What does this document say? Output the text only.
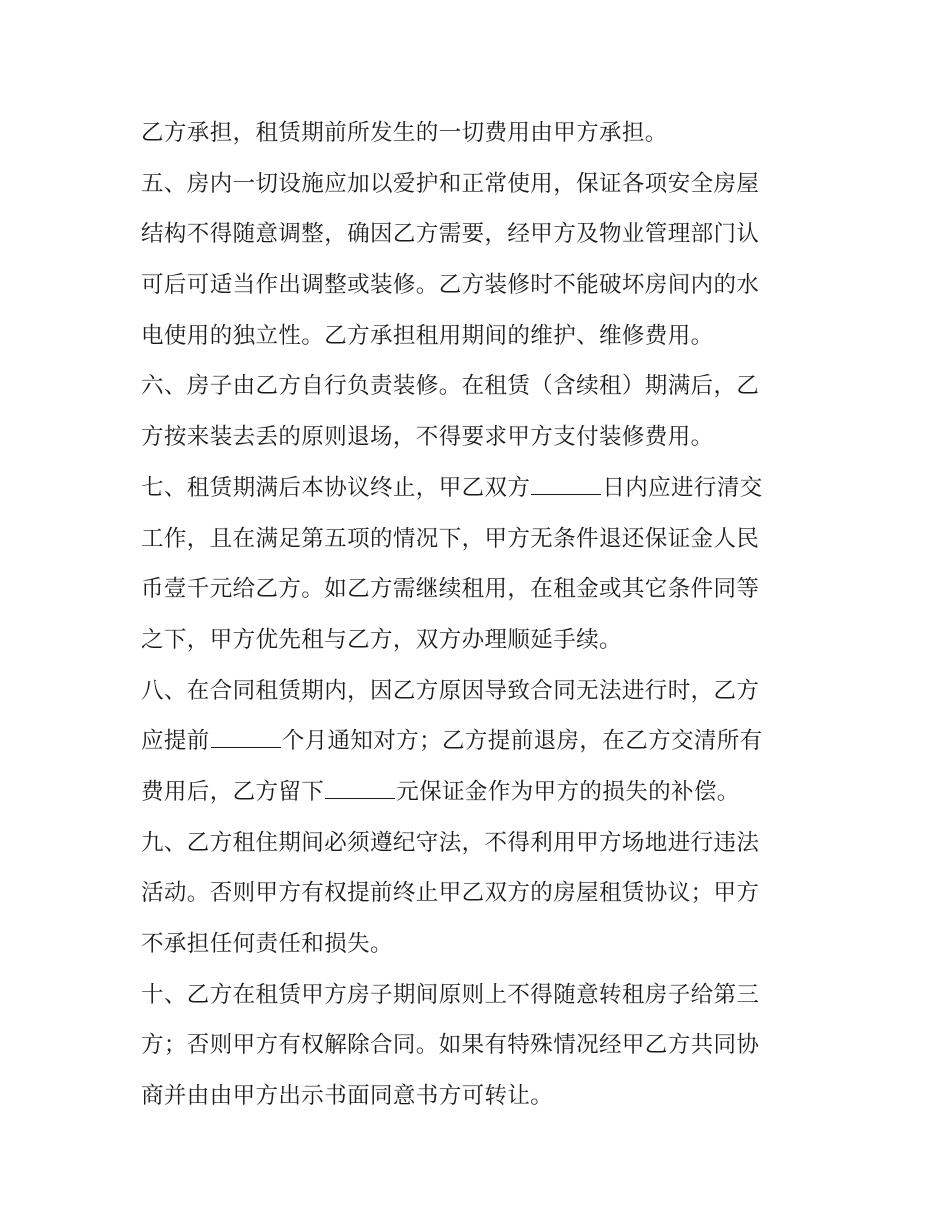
乙方承担，租赁期前所发生的一切费用由甲方承担。
五、房内一切设施应加以爱护和正常使用，保证各项安全房屋
结构不得随意调整，确因乙方需要，经甲方及物业管理部门认
可后可适当作出调整或装修。乙方装修时不能破坏房间内的水
电使用的独立性。乙方承担租用期间的维护、维修费用。
六、房子由乙方自行负责装修。在租赁（含续租）期满后，乙
方按来装去丢的原则退场，不得要求甲方支付装修费用。
七、租赁期满后本协议终止，甲乙双方	日内应进行清交
工作，且在满足第五项的情况下，甲方无条件退还保证金人民
币壹千元给乙方。如乙方需继续租用，在租金或其它条件同等
之下，甲方优先租与乙方，双方办理顺延手续。
八、在合同租赁期内，因乙方原因导致合同无法进行时，乙方
应提前	个月通知对方；乙方提前退房，在乙方交清所有
费用后，乙方留下	元保证金作为甲方的损失的补偿。
九、乙方租住期间必须遵纪守法，不得利用甲方场地进行违法
活动。否则甲方有权提前终止甲乙双方的房屋租赁协议；甲方
不承担任何责任和损失。
十、乙方在租赁甲方房子期间原则上不得随意转租房子给第三
方；否则甲方有权解除合同。如果有特殊情况经甲乙方共同协
商并由由甲方出示书面同意书方可转让。
